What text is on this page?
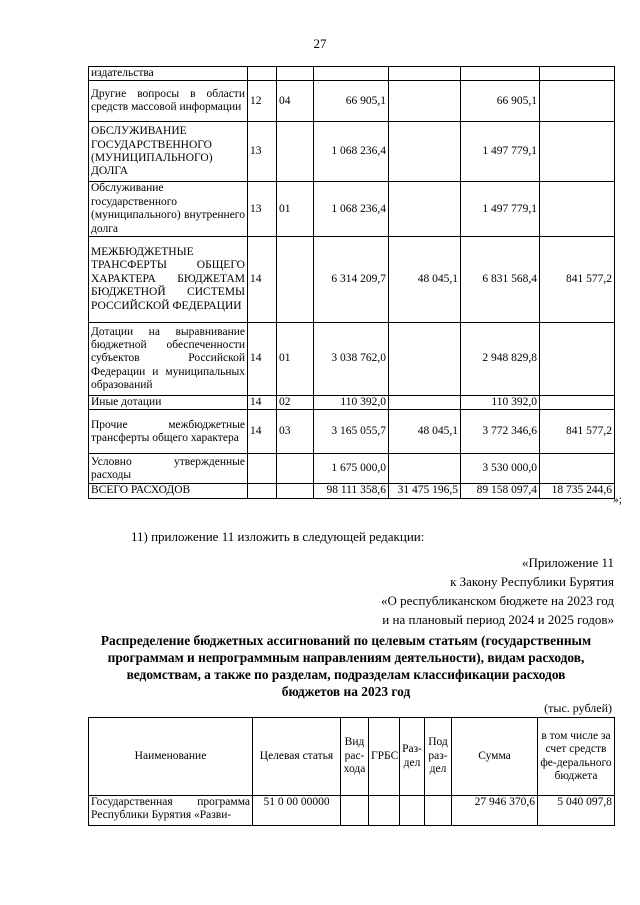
27
издательства						
Другие вопросы в области средств массовой информации	12	04	66 905,1		66 905,1	
ОБСЛУЖИВАНИЕ ГОСУДАРСТВЕННОГО (МУНИЦИПАЛЬНОГО) ДОЛГА	13		1 068 236,4		1 497 779,1	
Обслуживание государственного (муниципального) внутреннего долга	13	01	1 068 236,4		1 497 779,1	
МЕЖБЮДЖЕТНЫЕ ТРАНСФЕРТЫ ОБЩЕГО ХАРАКТЕРА БЮДЖЕТАМ БЮДЖЕТНОЙ СИСТЕМЫ РОССИЙСКОЙ ФЕДЕРАЦИИ	14		6 314 209,7	48 045,1	6 831 568,4	841 577,2
Дотации на выравнивание бюджетной обеспеченности субъектов Российской Федерации и муниципальных образований	14	01	3 038 762,0		2 948 829,8	
Иные дотации	14	02	110 392,0		110 392,0	
Прочие межбюджетные трансферты общего характера	14	03	3 165 055,7	48 045,1	3 772 346,6	841 577,2
Условно утвержденные расходы			1 675 000,0		3 530 000,0	
ВСЕГО РАСХОДОВ			98 111 358,6	31 475 196,5	89 158 097,4	18 735 244,6
»;
11) приложение 11 изложить в следующей редакции:
«Приложение 11
к Закону Республики Бурятия
«О республиканском бюджете на 2023 год
и на плановый период 2024 и 2025 годов»
Распределение бюджетных ассигнований по целевым статьям (государственным программам и непрограммным направлениям деятельности), видам расходов, ведомствам, а также по разделам, подразделам классификации расходов бюджетов на 2023 год
(тыс. рублей)
Наименование	Целевая статья	Вид рас-хода	ГРБС	Раз-дел	Под раз-дел	Сумма	в том числе за счет средств фе-дерального бюджета
Государственная программа Республики Бурятия «Разви-	51 0 00 00000					27 946 370,6	5 040 097,8
